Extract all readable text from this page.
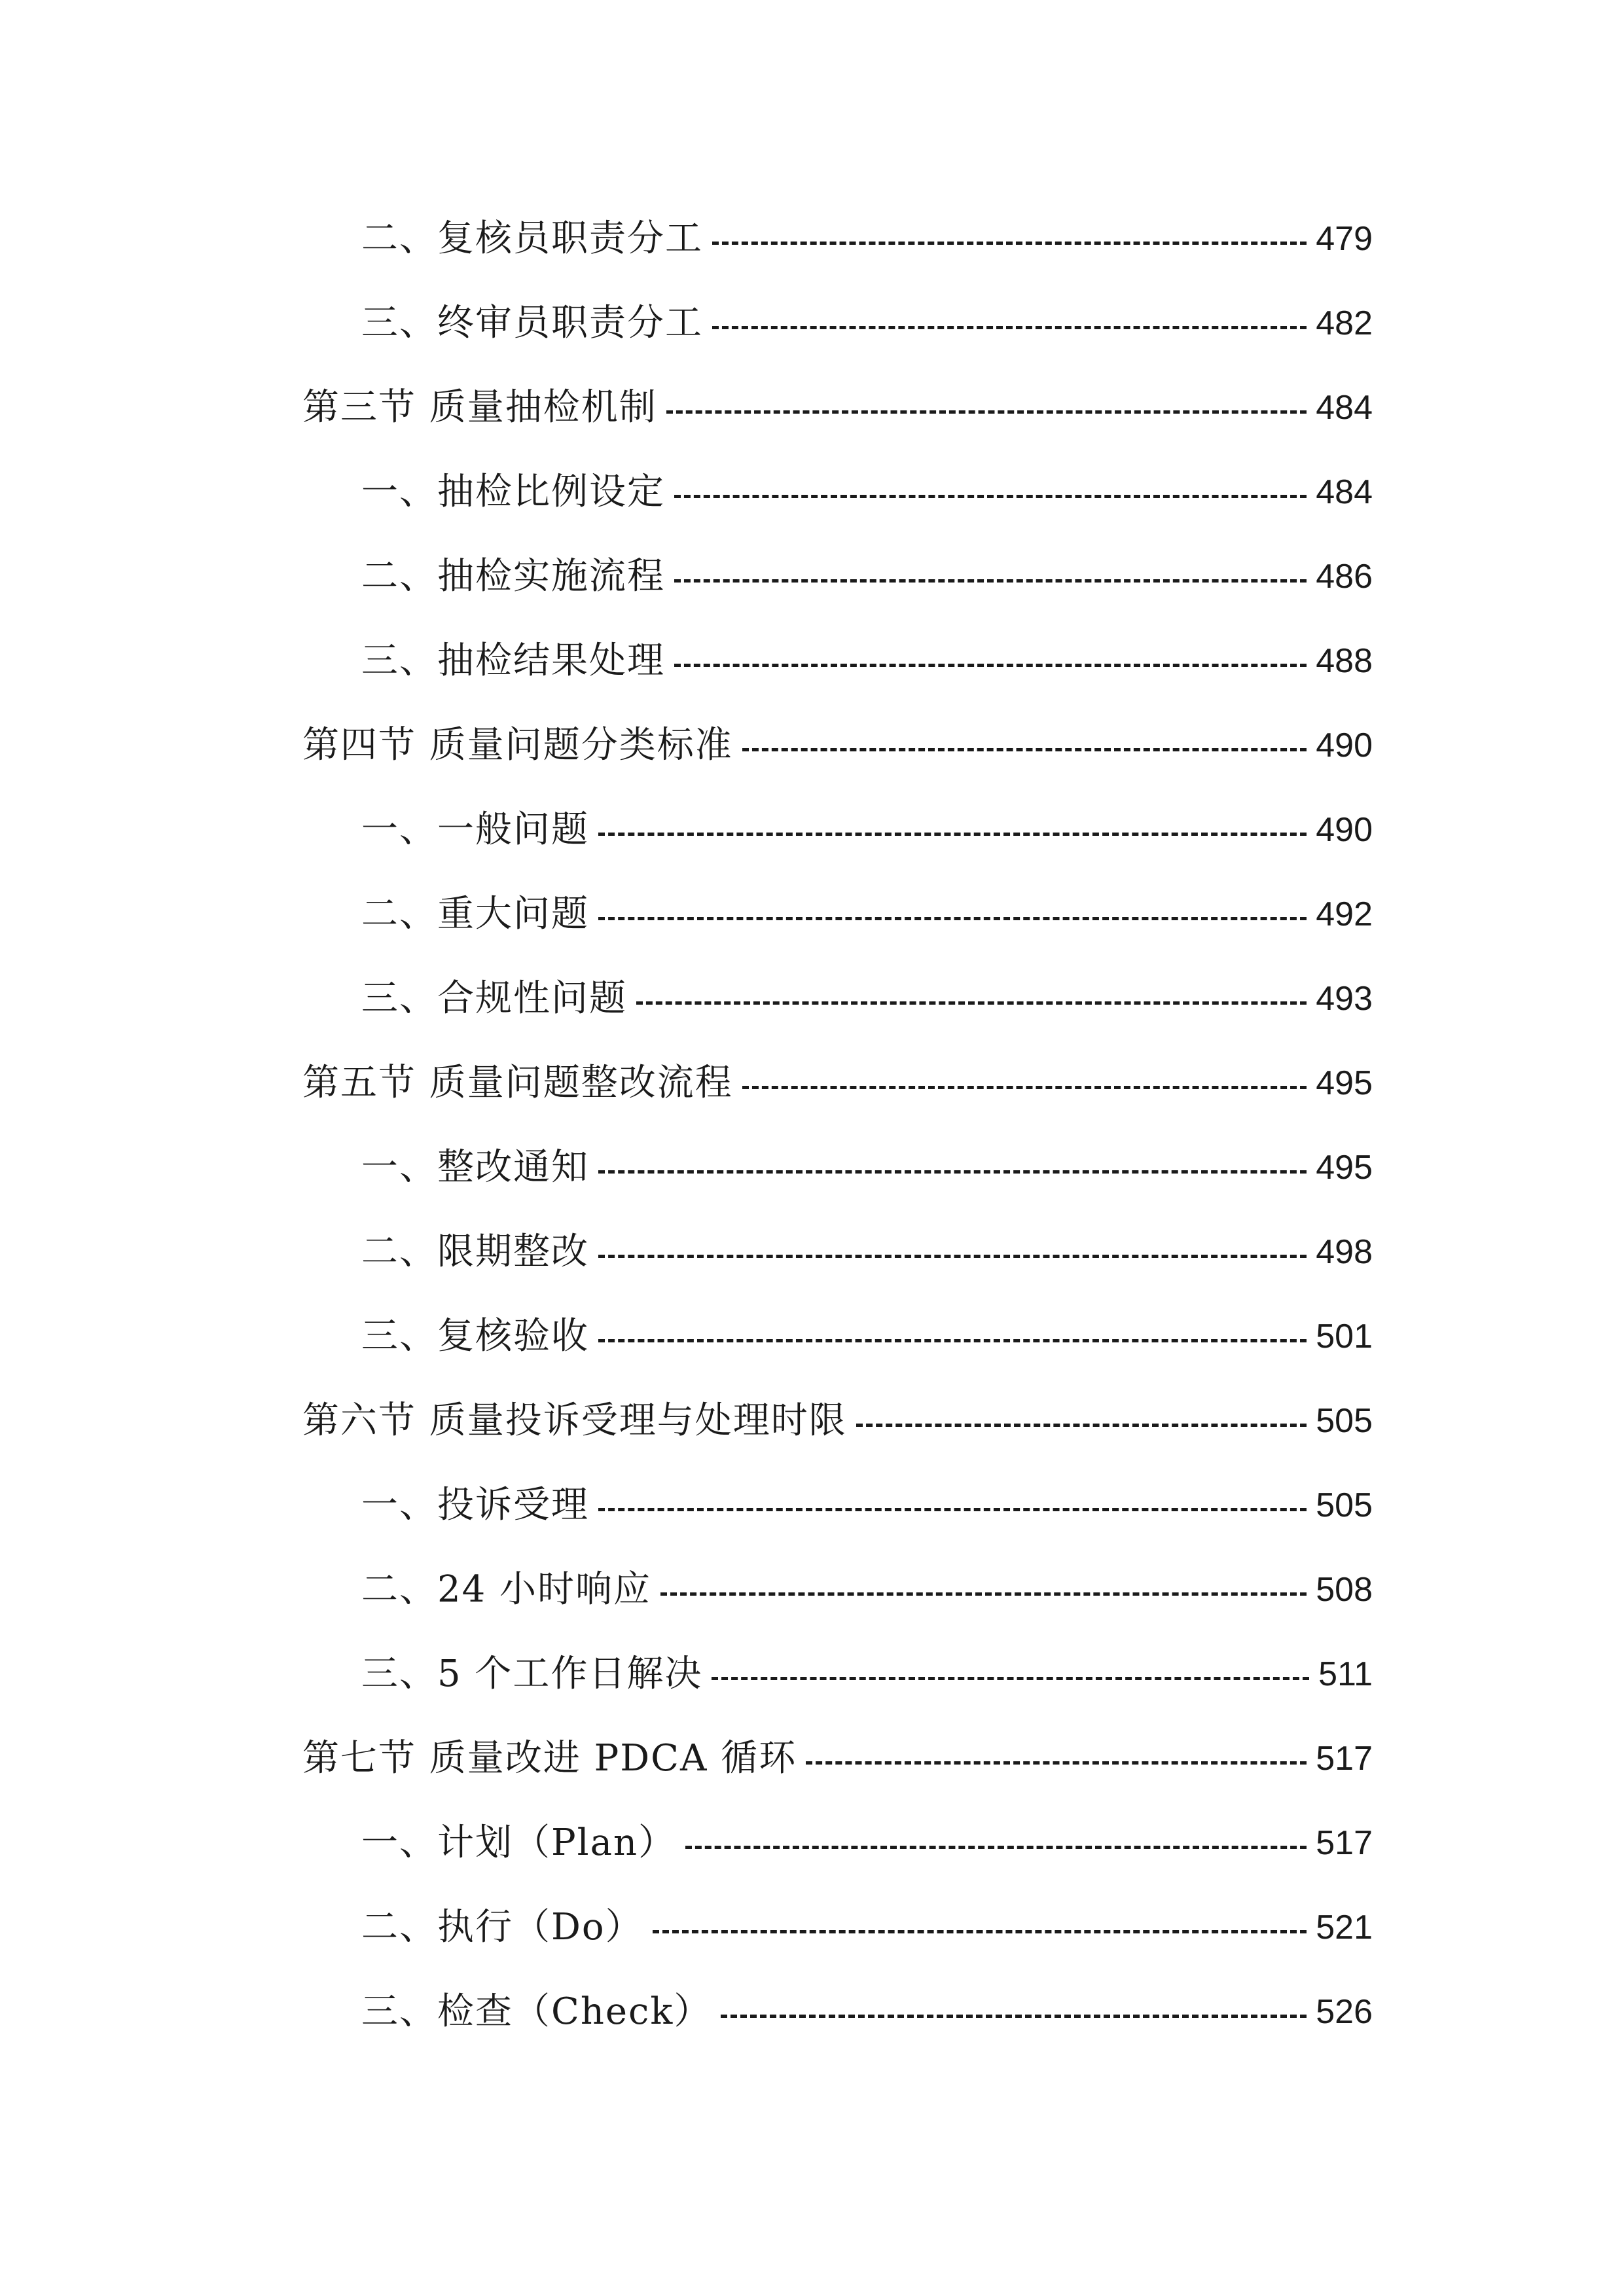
二、复核员职责分工	479
三、终审员职责分工	482
第三节 质量抽检机制	484
一、抽检比例设定	484
二、抽检实施流程	486
三、抽检结果处理	488
第四节 质量问题分类标准	490
一、一般问题	490
二、重大问题	492
三、合规性问题	493
第五节 质量问题整改流程	495
一、整改通知	495
二、限期整改	498
三、复核验收	501
第六节 质量投诉受理与处理时限	505
一、投诉受理	505
二、24 小时响应	508
三、5 个工作日解决	511
第七节 质量改进 PDCA 循环	517
一、计划（Plan）	517
二、执行（Do）	521
三、检查（Check）	526
